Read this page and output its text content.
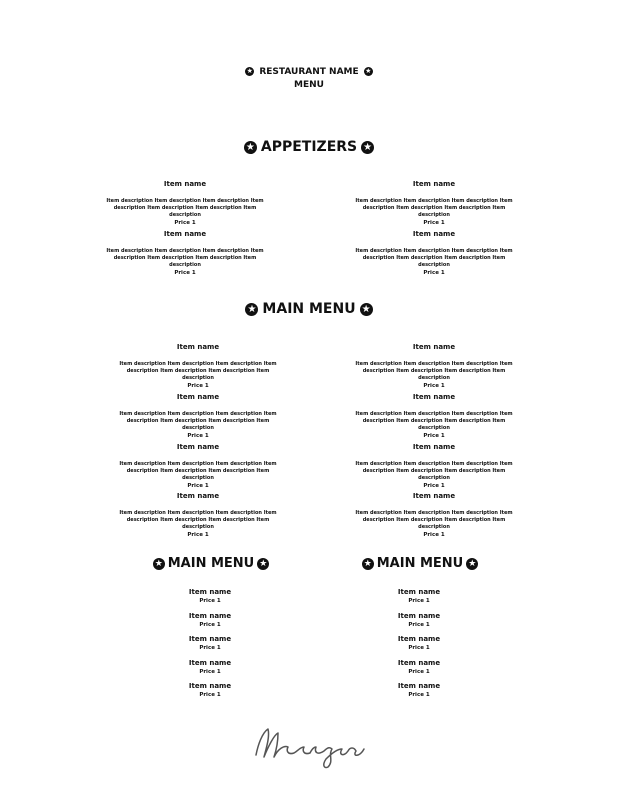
★ RESTAURANT NAME ★
MENU
★ APPETIZERS ★
Item name
Item description Item description Item description Item
description Item description Item description Item description
Price 1
Item name
Item description Item description Item description Item
description Item description Item description Item description
Price 1
Item name
Item description Item description Item description Item
description Item description Item description Item description
Price 1
Item name
Item description Item description Item description Item
description Item description Item description Item description
Price 1
★ MAIN MENU ★
Item name
Item description Item description Item description Item
description Item description Item description Item description
Price 1
Item name
Item description Item description Item description Item
description Item description Item description Item description
Price 1
Item name
Item description Item description Item description Item
description Item description Item description Item description
Price 1
Item name
Item description Item description Item description Item
description Item description Item description Item description
Price 1
Item name
Item description Item description Item description Item
description Item description Item description Item description
Price 1
Item name
Item description Item description Item description Item
description Item description Item description Item description
Price 1
Item name
Item description Item description Item description Item
description Item description Item description Item description
Price 1
Item name
Item description Item description Item description Item
description Item description Item description Item description
Price 1
★ MAIN MENU ★	★ MAIN MENU ★
Item name
Price 1
Item name
Price 1
Item name
Price 1
Item name
Price 1
Item name
Price 1
Item name
Price 1
Item name
Price 1
Item name
Price 1
Item name
Price 1
Item name
Price 1
